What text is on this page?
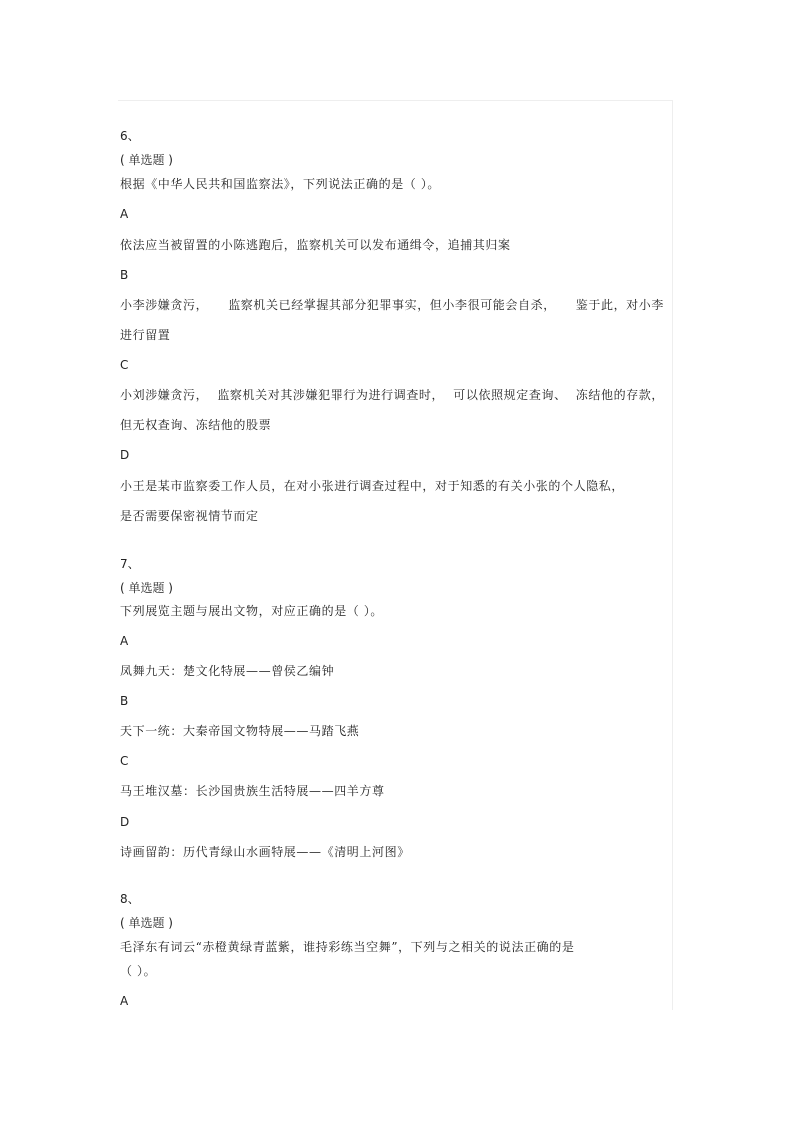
6、
( 单选题 )
根据《中华人民共和国监察法》，下列说法正确的是（ ）。
A
依法应当被留置的小陈逃跑后，监察机关可以发布通缉令，追捕其归案
B
小李涉嫌贪污， 监察机关已经掌握其部分犯罪事实，但小李很可能会自杀， 鉴于此，对小李
进行留置
C
小刘涉嫌贪污， 监察机关对其涉嫌犯罪行为进行调查时， 可以依照规定查询、 冻结他的存款，
但无权查询、冻结他的股票
D
小王是某市监察委工作人员，在对小张进行调查过程中，对于知悉的有关小张的个人隐私，
是否需要保密视情节而定
7、
( 单选题 )
下列展览主题与展出文物，对应正确的是（ ）。
A
凤舞九天：楚文化特展——曾侯乙编钟
B
天下一统：大秦帝国文物特展——马踏飞燕
C
马王堆汉墓：长沙国贵族生活特展——四羊方尊
D
诗画留韵：历代青绿山水画特展——《清明上河图》
8、
( 单选题 )
毛泽东有词云“赤橙黄绿青蓝紫，谁持彩练当空舞”，下列与之相关的说法正确的是
（ ）。
A
